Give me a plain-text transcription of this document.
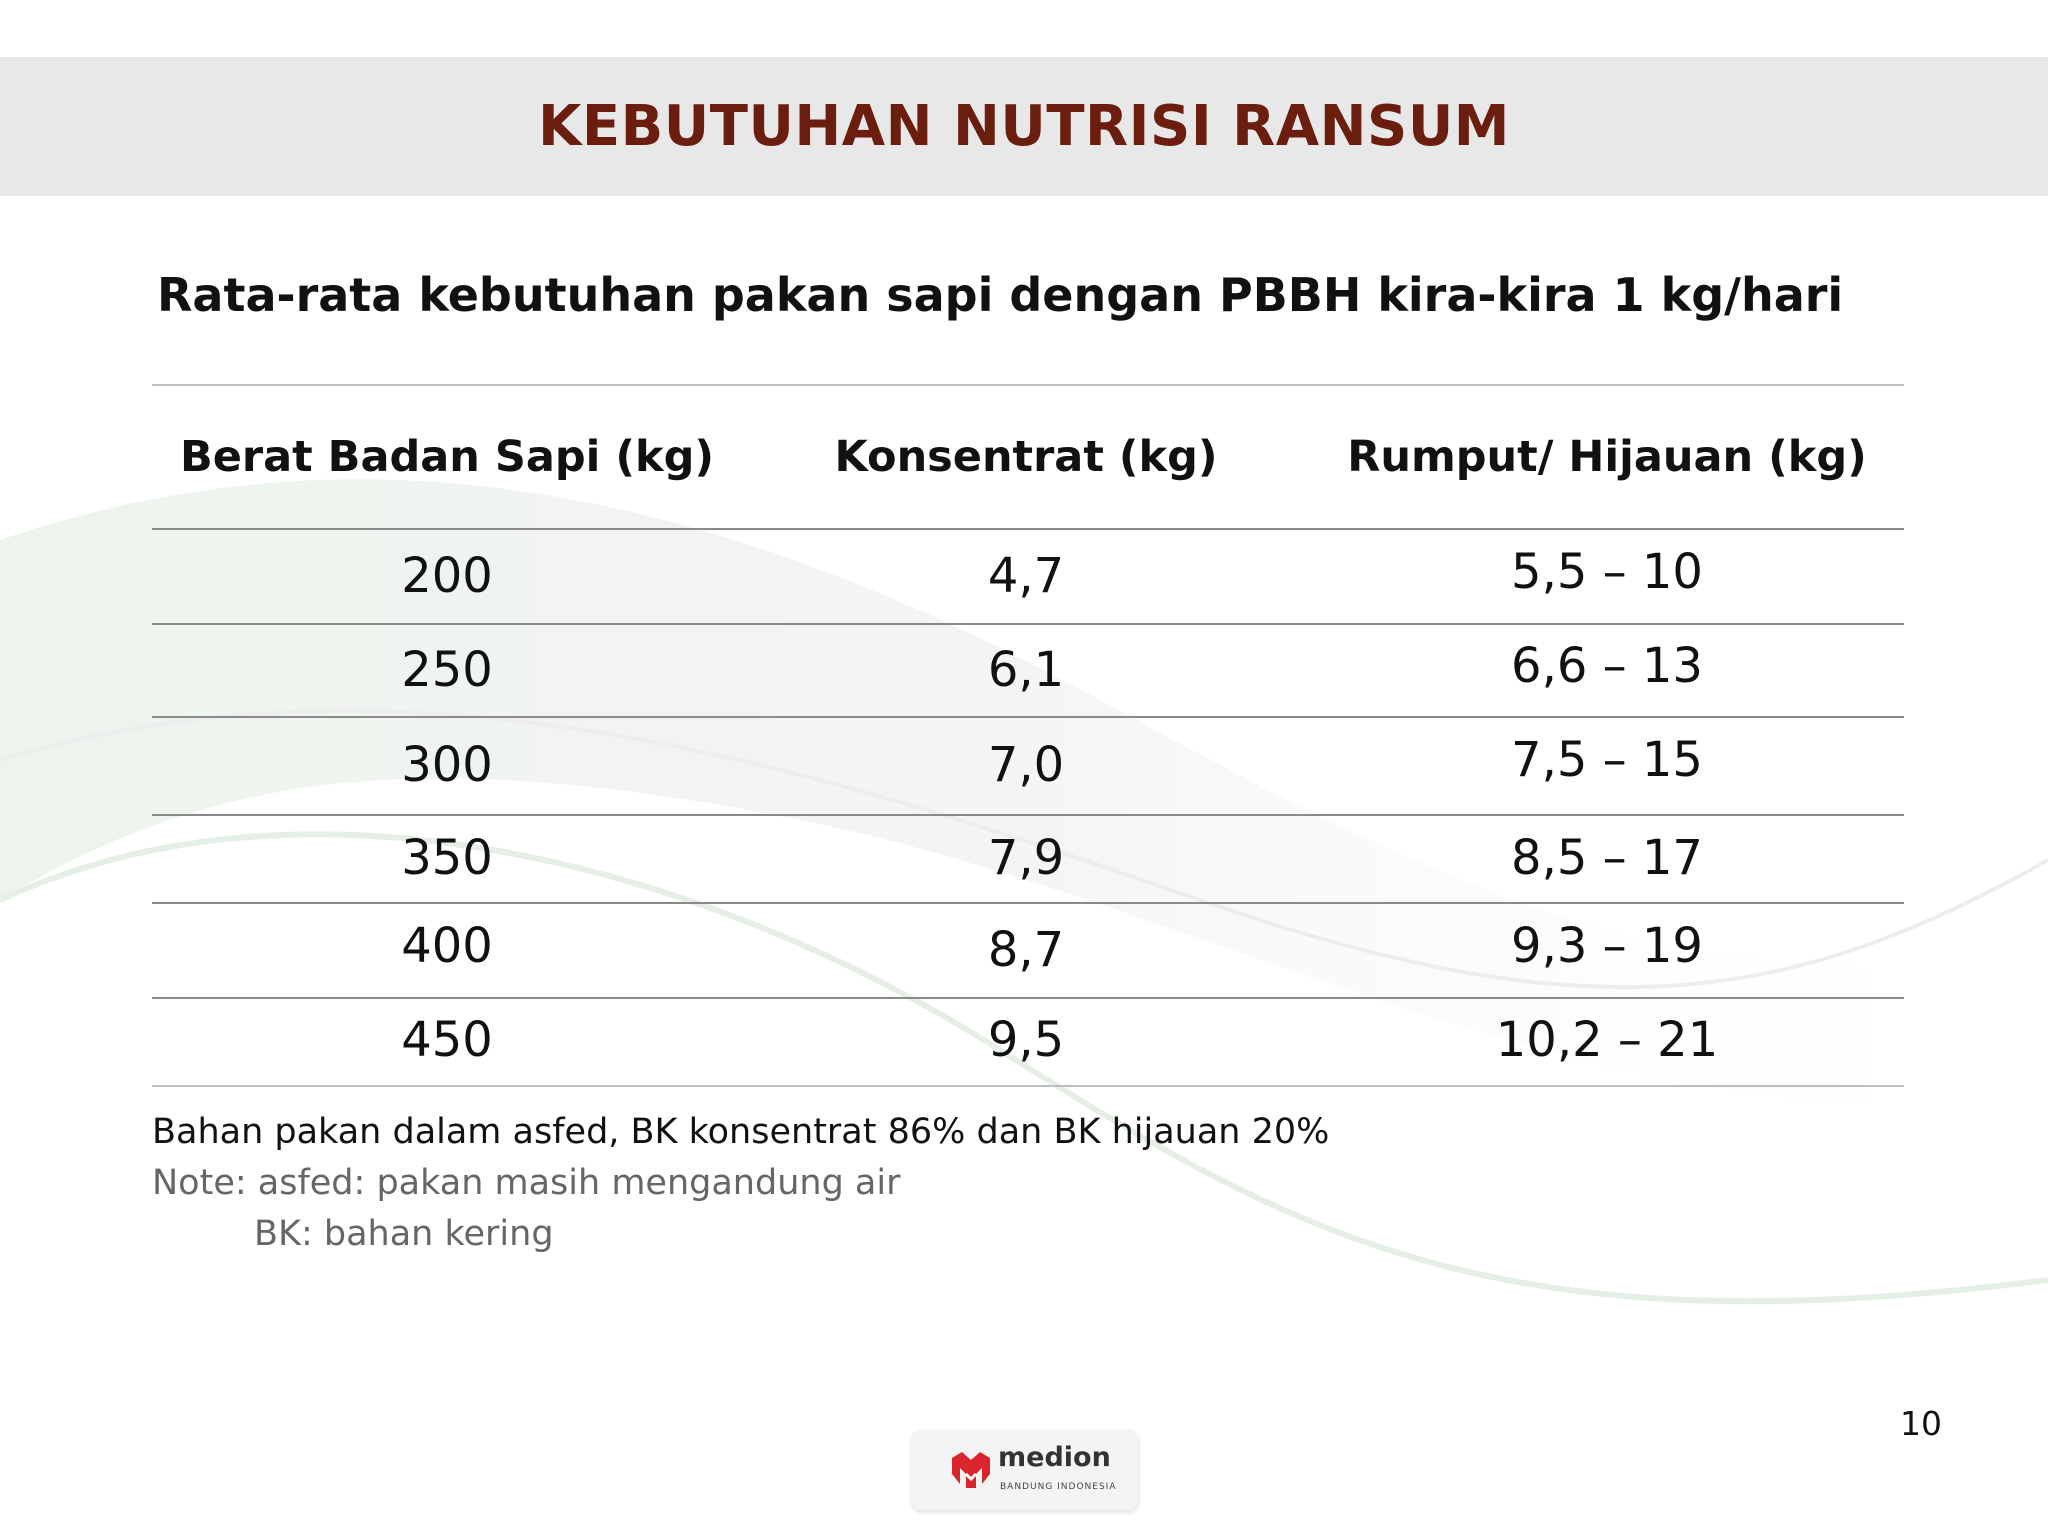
KEBUTUHAN NUTRISI RANSUM
Rata-rata kebutuhan pakan sapi dengan PBBH kira-kira 1 kg/hari
Berat Badan Sapi (kg)	Konsentrat (kg)	Rumput/ Hijauan (kg)
200	4,7	5,5 – 10
250	6,1	6,6 – 13
300	7,0	7,5 – 15
350	7,9	8,5 – 17
400	8,7	9,3 – 19
450	9,5	10,2 – 21
Bahan pakan dalam asfed, BK konsentrat 86% dan BK hijauan 20%
Note: asfed: pakan masih mengandung air
BK: bahan kering
10
medion
BANDUNG INDONESIA
